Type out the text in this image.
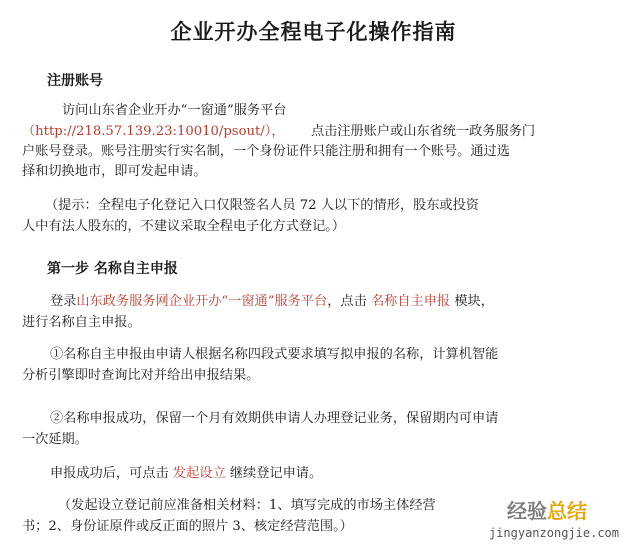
企业开办全程电子化操作指南
注册账号
访问山东省企业开办“一窗通”服务平台
（http://218.57.139.23:10010/psout/）， 点击注册账户或山东省统一政务服务门
户账号登录。账号注册实行实名制，一个身份证件只能注册和拥有一个账号。通过选
择和切换地市，即可发起申请。
（提示：全程电子化登记入口仅限签名人员 72 人以下的情形，股东或投资
人中有法人股东的，不建议采取全程电子化方式登记。）
第一步 名称自主申报
登录山东政务服务网企业开办“一窗通”服务平台，点击 名称自主申报 模块，
进行名称自主申报。
①名称自主申报由申请人根据名称四段式要求填写拟申报的名称，计算机智能
分析引擎即时查询比对并给出申报结果。
②名称申报成功，保留一个月有效期供申请人办理登记业务，保留期内可申请
一次延期。
申报成功后，可点击 发起设立 继续登记申请。
（发起设立登记前应准备相关材料：1、填写完成的市场主体经营
书；2、身份证原件或反正面的照片 3、核定经营范围。）
经验总结
jingyanzongjie.com
